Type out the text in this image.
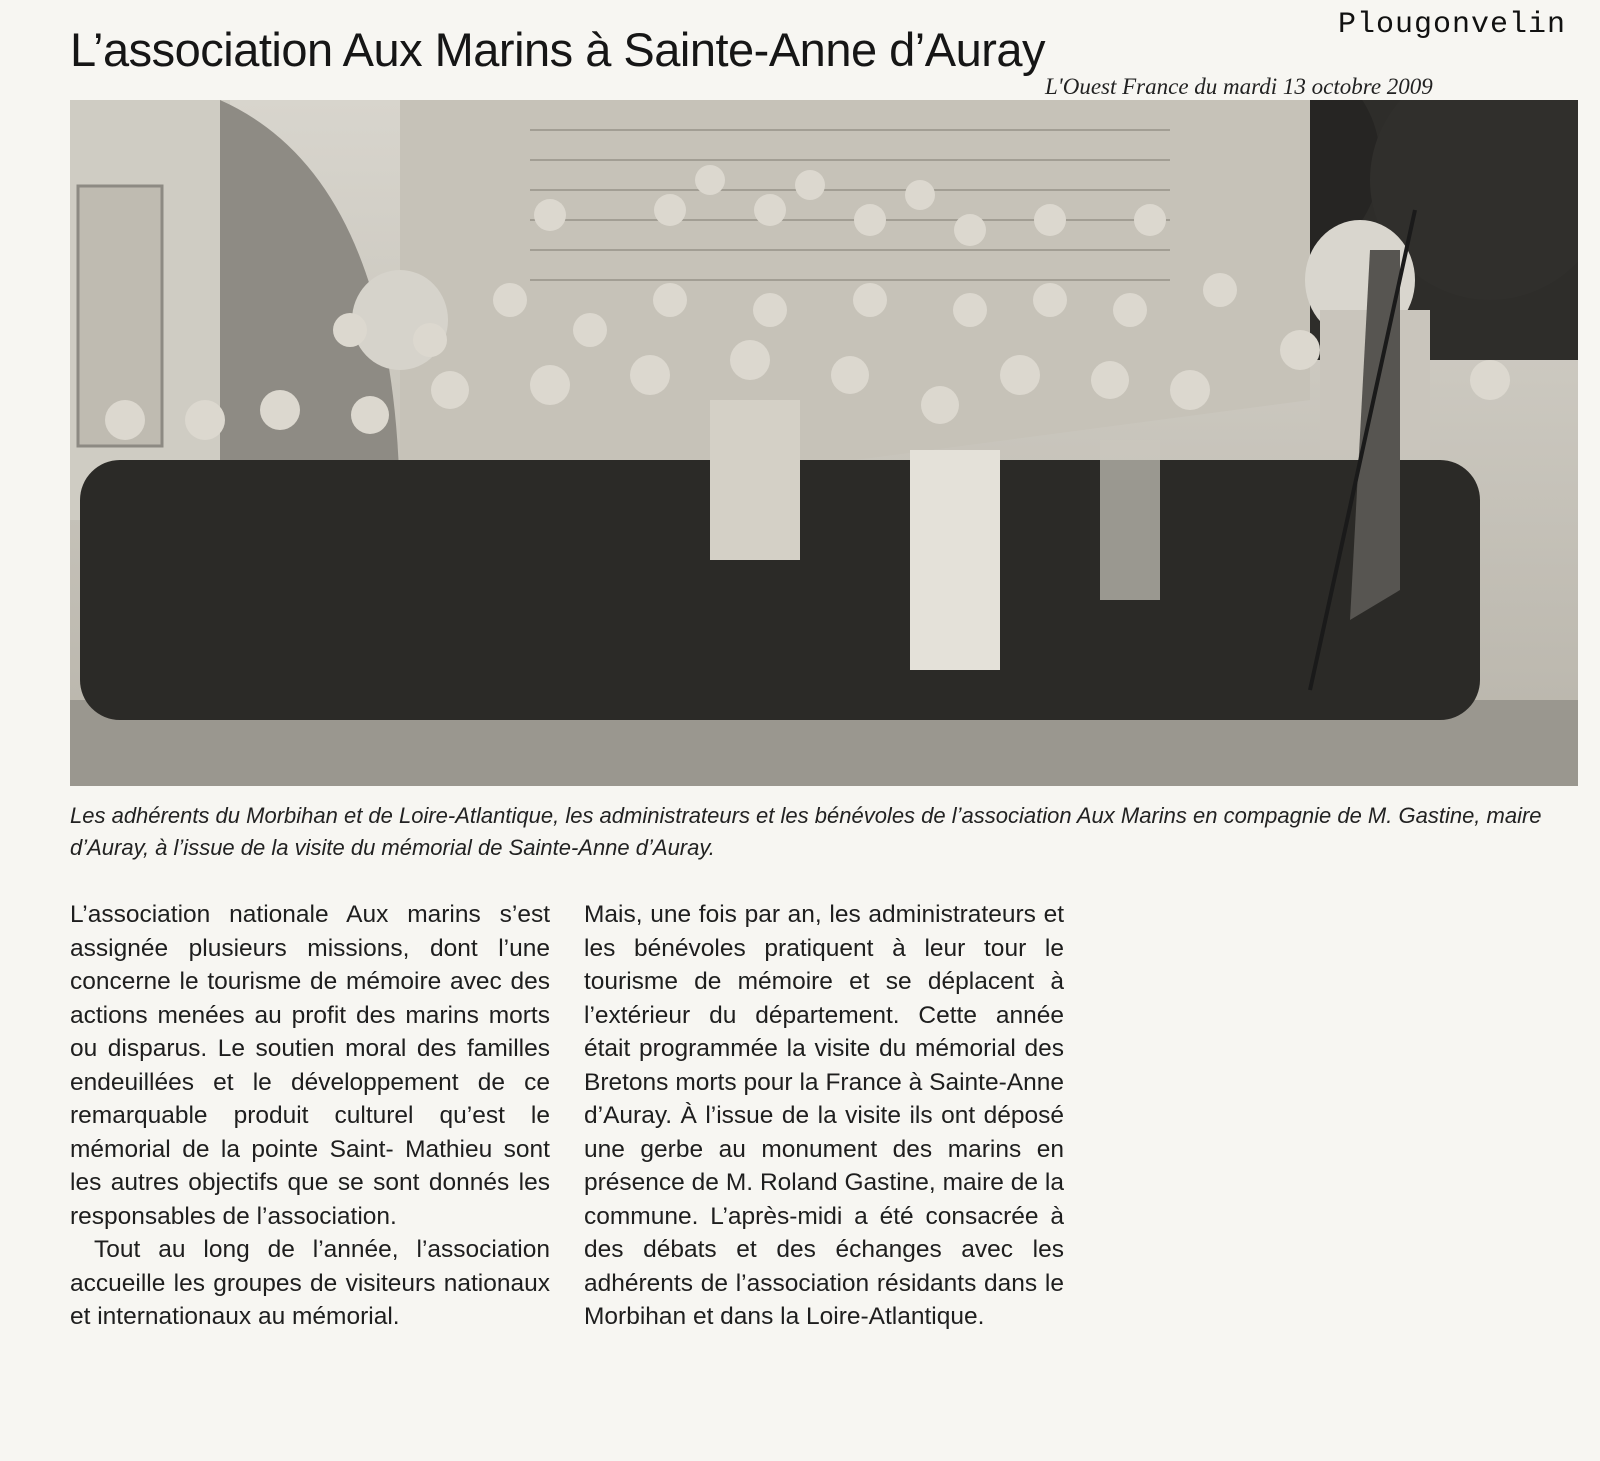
Plougonvelin
L’association Aux Marins à Sainte-Anne d’Auray
L'Ouest France du mardi 13 octobre 2009

Les adhérents du Morbihan et de Loire-Atlantique, les administrateurs et les bénévoles de l’association Aux Marins en compagnie de M. Gastine, maire d’Auray, à l’issue de la visite du mémorial de Sainte-Anne d’Auray.

L’association nationale Aux marins s’est assignée plusieurs missions, dont l’une concerne le tourisme de mémoire avec des actions menées au profit des marins morts ou disparus. Le soutien moral des familles endeuillées et le développement de ce remarquable produit culturel qu’est le mémorial de la pointe Saint- Mathieu sont les autres objectifs que se sont donnés les responsables de l’association.

Tout au long de l’année, l’association accueille les groupes de visiteurs nationaux et internationaux au mémorial.

Mais, une fois par an, les administrateurs et les bénévoles pratiquent à leur tour le tourisme de mémoire et se déplacent à l’extérieur du département. Cette année était programmée la visite du mémorial des Bretons morts pour la France à Sainte-Anne d’Auray. À l’issue de la visite ils ont déposé une gerbe au monument des marins en présence de M. Roland Gastine, maire de la commune. L’après-midi a été consacrée à des débats et des échanges avec les adhérents de l’association résidants dans le Morbihan et dans la Loire-Atlantique.
